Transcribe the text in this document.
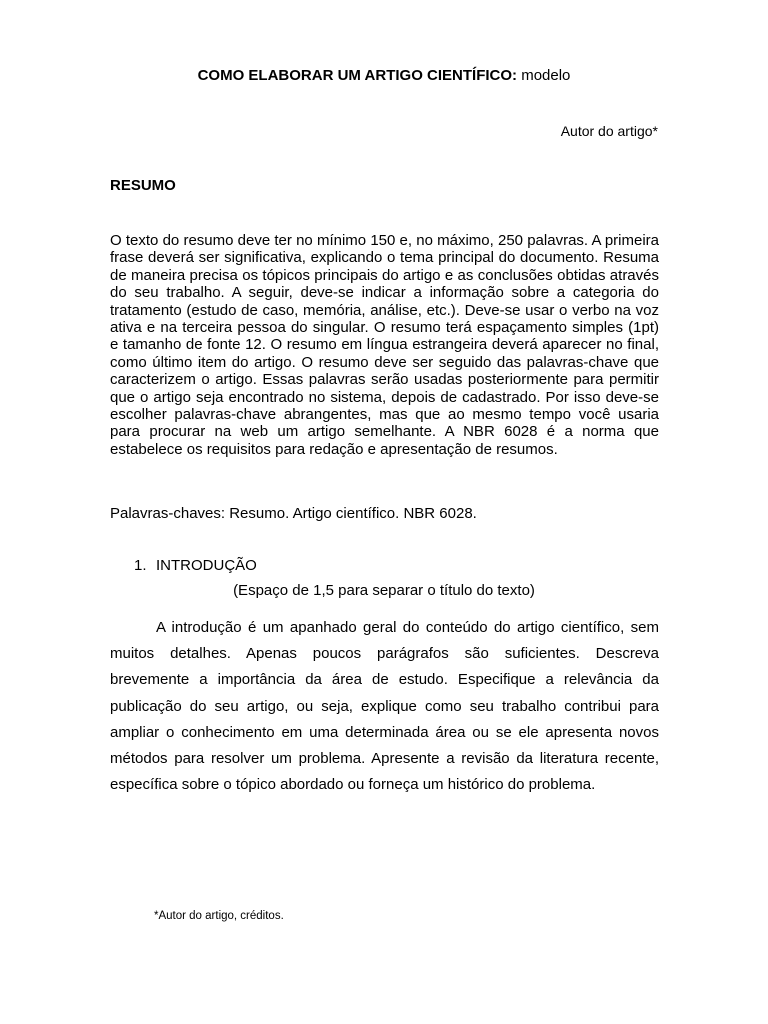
COMO ELABORAR UM ARTIGO CIENTÍFICO: modelo
Autor do artigo*
RESUMO

O texto do resumo deve ter no mínimo 150 e, no máximo, 250 palavras. A primeira frase deverá ser significativa, explicando o tema principal do documento. Resuma de maneira precisa os tópicos principais do artigo e as conclusões obtidas através do seu trabalho. A seguir, deve-se indicar a informação sobre a categoria do tratamento (estudo de caso, memória, análise, etc.). Deve-se usar o verbo na voz ativa e na terceira pessoa do singular. O resumo terá espaçamento simples (1pt) e tamanho de fonte 12. O resumo em língua estrangeira deverá aparecer no final, como último item do artigo. O resumo deve ser seguido das palavras-chave que caracterizem o artigo. Essas palavras serão usadas posteriormente para permitir que o artigo seja encontrado no sistema, depois de cadastrado. Por isso deve-se escolher palavras-chave abrangentes, mas que ao mesmo tempo você usaria para procurar na web um artigo semelhante. A NBR 6028 é a norma que estabelece os requisitos para redação e apresentação de resumos.

Palavras-chaves: Resumo. Artigo científico. NBR 6028.
1. INTRODUÇÃO
(Espaço de 1,5 para separar o título do texto)

A introdução é um apanhado geral do conteúdo do artigo científico, sem muitos detalhes. Apenas poucos parágrafos são suficientes. Descreva brevemente a importância da área de estudo. Especifique a relevância da publicação do seu artigo, ou seja, explique como seu trabalho contribui para ampliar o conhecimento em uma determinada área ou se ele apresenta novos métodos para resolver um problema. Apresente a revisão da literatura recente, específica sobre o tópico abordado ou forneça um histórico do problema.

*Autor do artigo, créditos.
